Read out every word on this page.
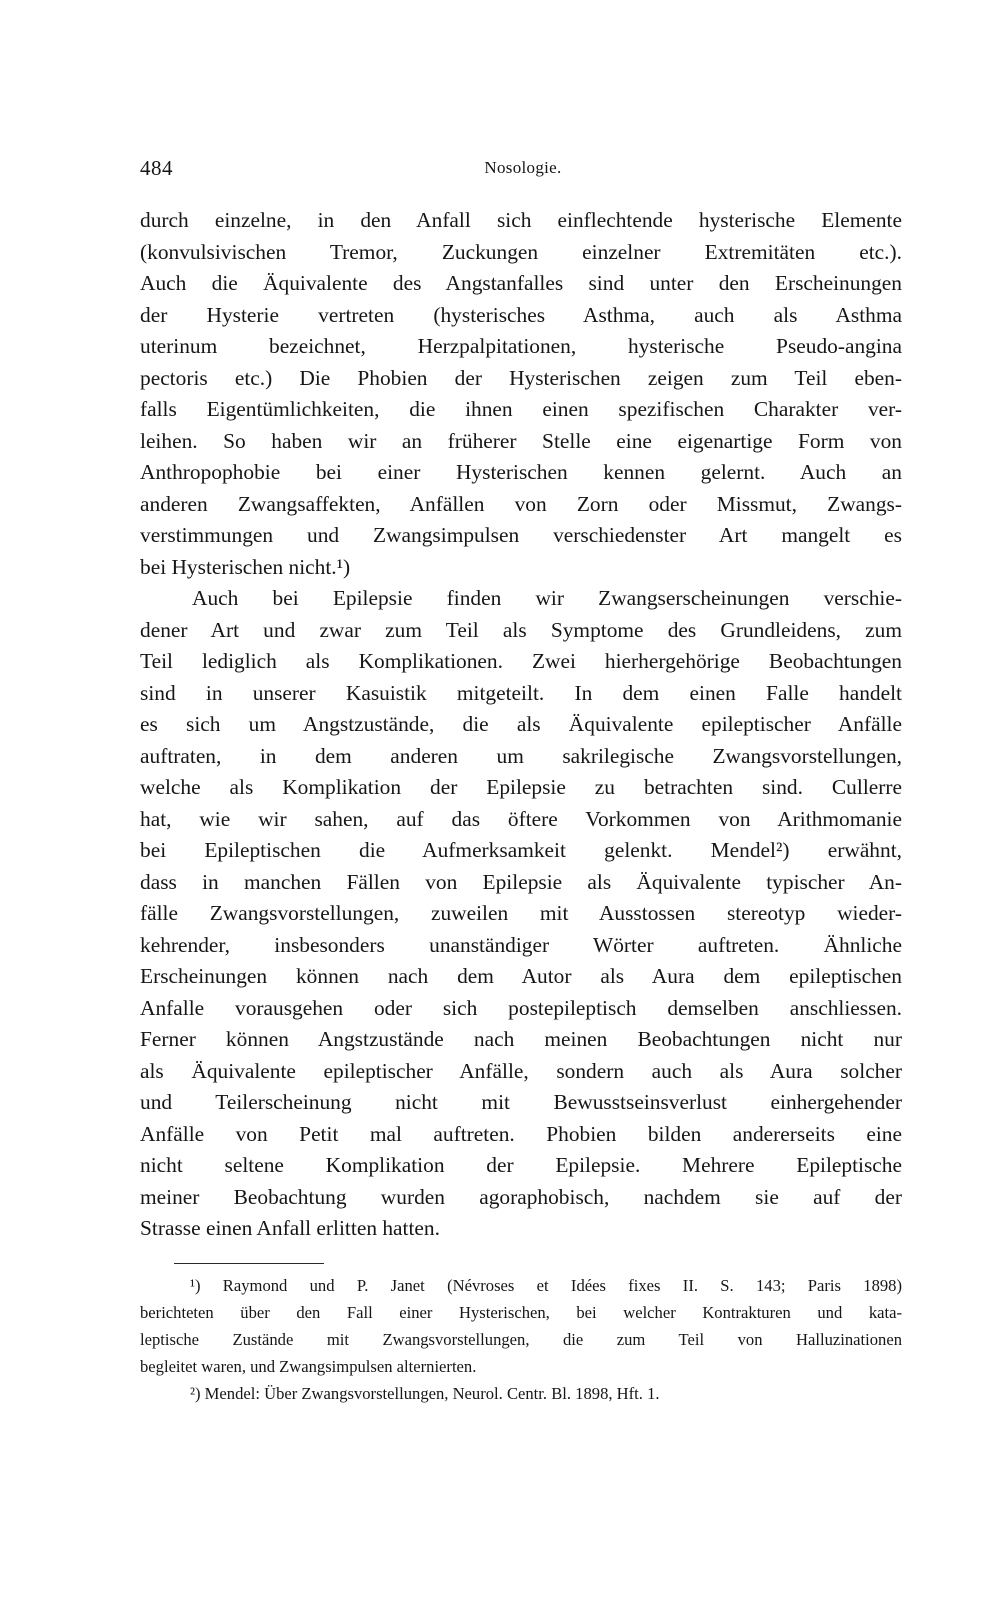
484	Nosologie.
durch einzelne, in den Anfall sich einflechtende hysterische Elemente
(konvulsivischen Tremor, Zuckungen einzelner Extremitäten etc.).
Auch die Äquivalente des Angstanfalles sind unter den Erscheinungen
der Hysterie vertreten (hysterisches Asthma, auch als Asthma
uterinum bezeichnet, Herzpalpitationen, hysterische Pseudo-angina
pectoris etc.) Die Phobien der Hysterischen zeigen zum Teil eben-
falls Eigentümlichkeiten, die ihnen einen spezifischen Charakter ver-
leihen. So haben wir an früherer Stelle eine eigenartige Form von
Anthropophobie bei einer Hysterischen kennen gelernt. Auch an
anderen Zwangsaffekten, Anfällen von Zorn oder Missmut, Zwangs-
verstimmungen und Zwangsimpulsen verschiedenster Art mangelt es
bei Hysterischen nicht.¹)
Auch bei Epilepsie finden wir Zwangserscheinungen verschie-
dener Art und zwar zum Teil als Symptome des Grundleidens, zum
Teil lediglich als Komplikationen. Zwei hierhergehörige Beobachtungen
sind in unserer Kasuistik mitgeteilt. In dem einen Falle handelt
es sich um Angstzustände, die als Äquivalente epileptischer Anfälle
auftraten, in dem anderen um sakrilegische Zwangsvorstellungen,
welche als Komplikation der Epilepsie zu betrachten sind. Cullerre
hat, wie wir sahen, auf das öftere Vorkommen von Arithmomanie
bei Epileptischen die Aufmerksamkeit gelenkt. Mendel²) erwähnt,
dass in manchen Fällen von Epilepsie als Äquivalente typischer An-
fälle Zwangsvorstellungen, zuweilen mit Ausstossen stereotyp wieder-
kehrender, insbesonders unanständiger Wörter auftreten. Ähnliche
Erscheinungen können nach dem Autor als Aura dem epileptischen
Anfalle vorausgehen oder sich postepileptisch demselben anschliessen.
Ferner können Angstzustände nach meinen Beobachtungen nicht nur
als Äquivalente epileptischer Anfälle, sondern auch als Aura solcher
und Teilerscheinung nicht mit Bewusstseinsverlust einhergehender
Anfälle von Petit mal auftreten. Phobien bilden andererseits eine
nicht seltene Komplikation der Epilepsie. Mehrere Epileptische
meiner Beobachtung wurden agoraphobisch, nachdem sie auf der
Strasse einen Anfall erlitten hatten.
¹) Raymond und P. Janet (Névroses et Idées fixes II. S. 143; Paris 1898)
berichteten über den Fall einer Hysterischen, bei welcher Kontrakturen und kata-
leptische Zustände mit Zwangsvorstellungen, die zum Teil von Halluzinationen
begleitet waren, und Zwangsimpulsen alternierten.
²) Mendel: Über Zwangsvorstellungen, Neurol. Centr. Bl. 1898, Hft. 1.
